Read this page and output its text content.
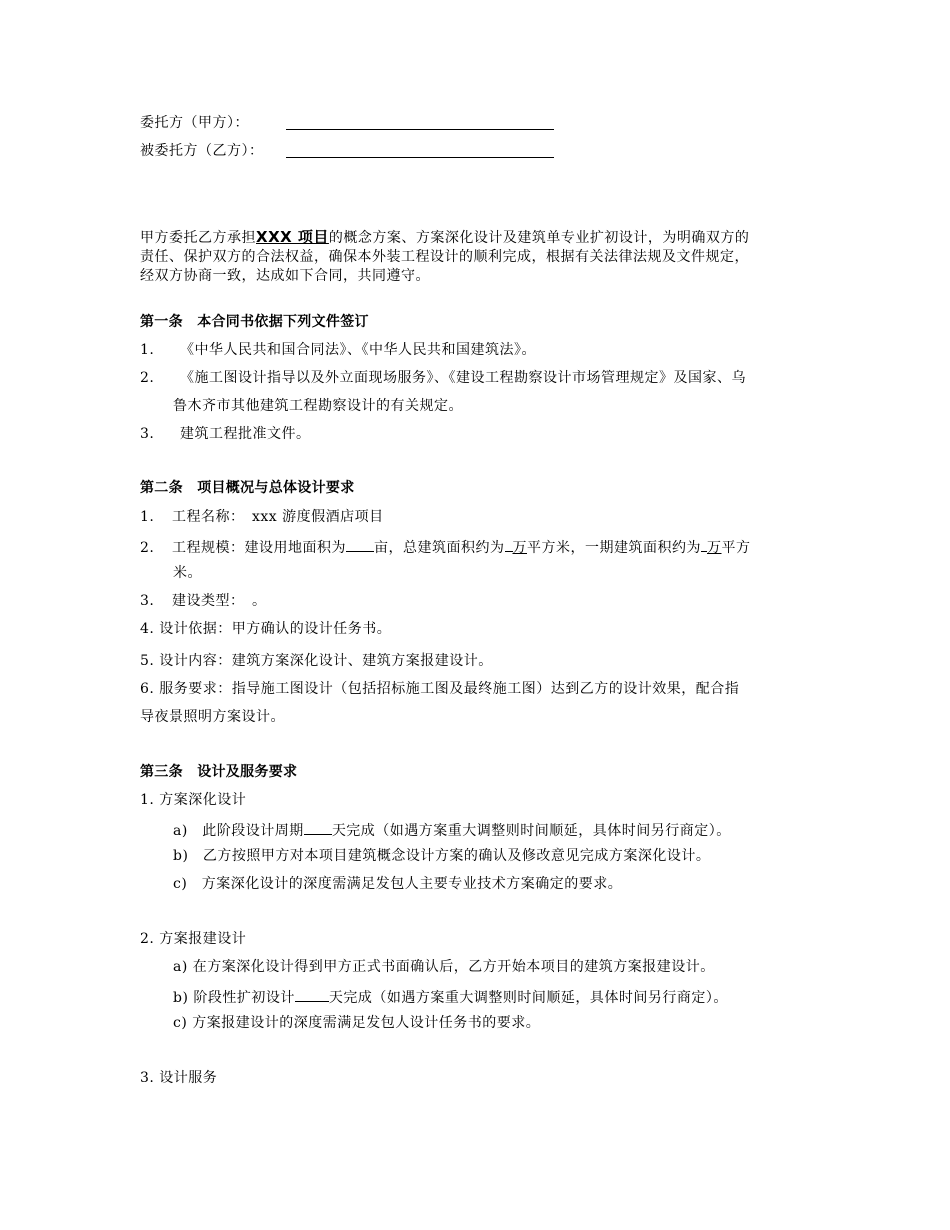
委托方（甲方）：
被委托方（乙方）：
甲方委托乙方承担XXX 项目的概念方案、方案深化设计及建筑单专业扩初设计，为明确双方的
责任、保护双方的合法权益，确保本外装工程设计的顺利完成，根据有关法律法规及文件规定，
经双方协商一致，达成如下合同，共同遵守。
第一条　本合同书依据下列文件签订
1. 《中华人民共和国合同法》、《中华人民共和国建筑法》。
2. 《施工图设计指导以及外立面现场服务》、《建设工程勘察设计市场管理规定》及国家、乌
鲁木齐市其他建筑工程勘察设计的有关规定。
3. 建筑工程批准文件。
第二条　项目概况与总体设计要求
1. 工程名称：　xxx 游度假酒店项目
2. 工程规模：建设用地面积为 亩，总建筑面积约为 万平方米，一期建筑面积约为 万平方
米。
3. 建设类型：　。
4. 设计依据：甲方确认的设计任务书。
5. 设计内容：建筑方案深化设计、建筑方案报建设计。
6. 服务要求：指导施工图设计（包括招标施工图及最终施工图）达到乙方的设计效果，配合指
导夜景照明方案设计。
第三条　设计及服务要求
1. 方案深化设计
a)　此阶段设计周期 天完成（如遇方案重大调整则时间顺延，具体时间另行商定）。
b)　乙方按照甲方对本项目建筑概念设计方案的确认及修改意见完成方案深化设计。
c)　方案深化设计的深度需满足发包人主要专业技术方案确定的要求。
2. 方案报建设计
a) 在方案深化设计得到甲方正式书面确认后，乙方开始本项目的建筑方案报建设计。
b) 阶段性扩初设计 天完成（如遇方案重大调整则时间顺延，具体时间另行商定）。
c) 方案报建设计的深度需满足发包人设计任务书的要求。
3. 设计服务
